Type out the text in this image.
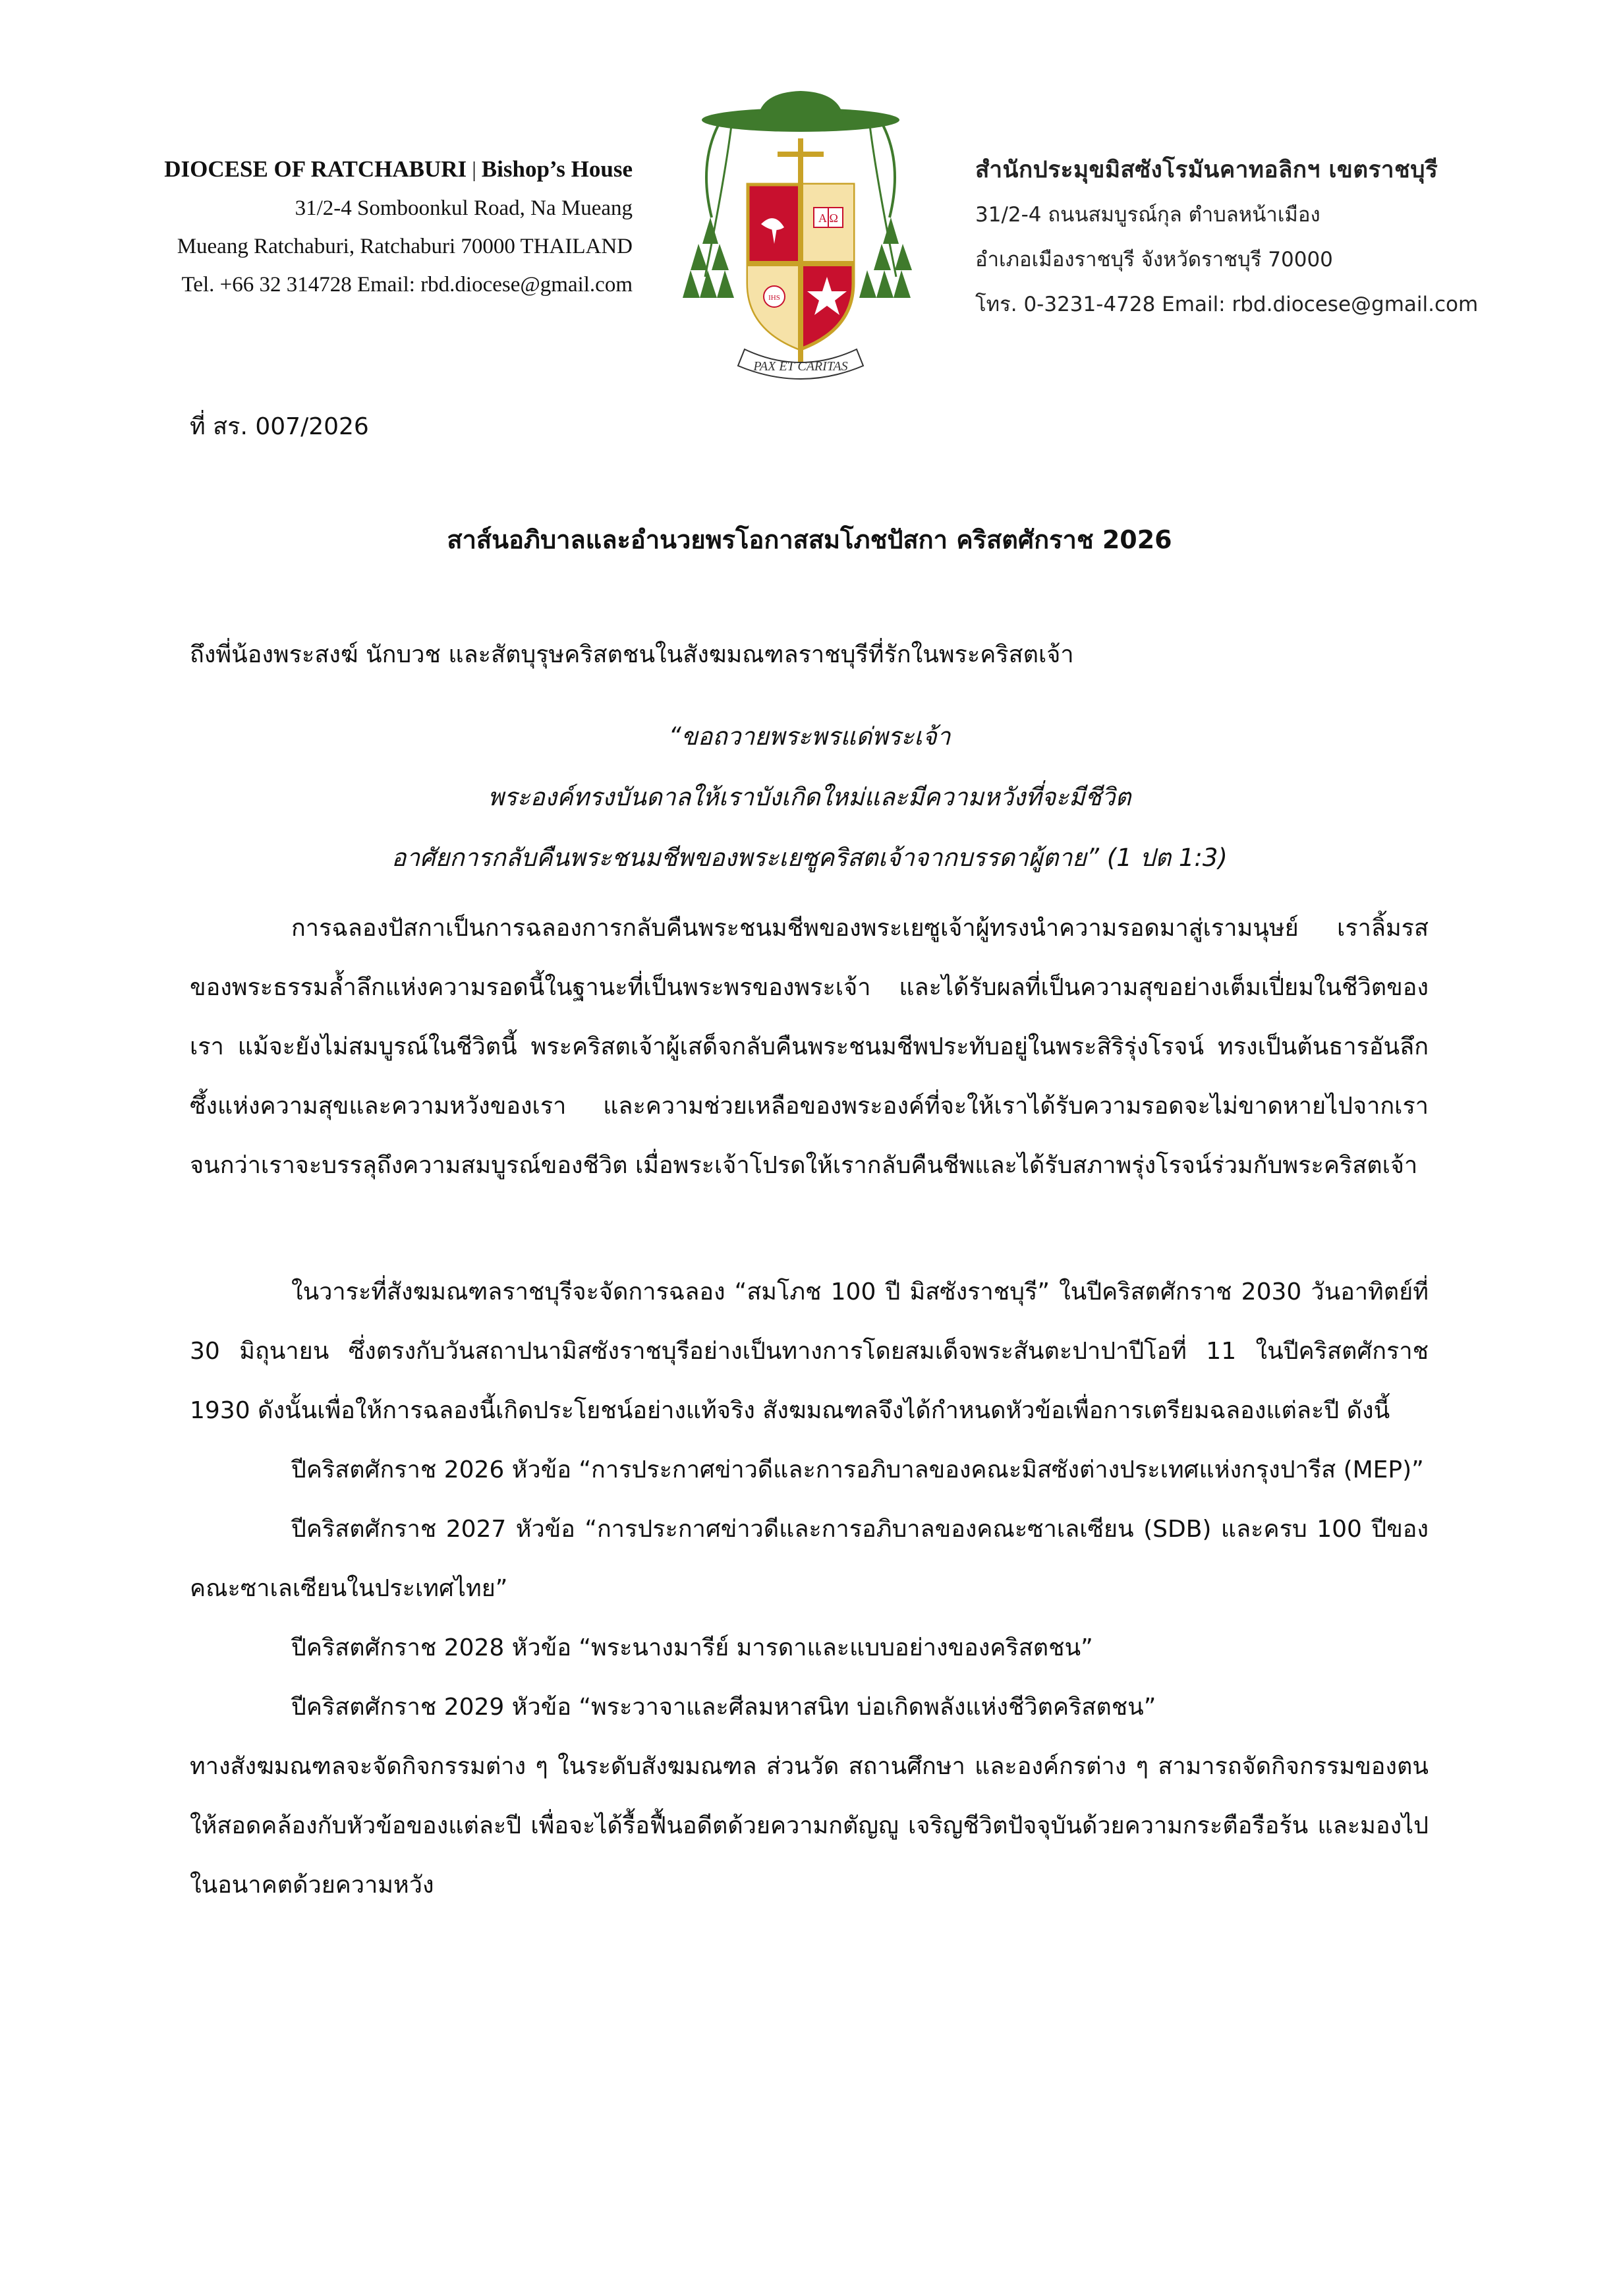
DIOCESE OF RATCHABURI | Bishop’s House
31/2-4 Somboonkul Road, Na Mueang
Mueang Ratchaburi, Ratchaburi 70000 THAILAND
Tel. +66 32 314728 Email: rbd.diocese@gmail.com
A Ω
IHS
PAX ET CARITAS
สำนักประมุขมิสซังโรมันคาทอลิกฯ เขตราชบุรี
31/2-4 ถนนสมบูรณ์กุล ตำบลหน้าเมือง
อำเภอเมืองราชบุรี จังหวัดราชบุรี 70000
โทร. 0-3231-4728 Email: rbd.diocese@gmail.com
ที่ สร. 007/2026
สาส์นอภิบาลและอำนวยพรโอกาสสมโภชปัสกา คริสตศักราช 2026
ถึงพี่น้องพระสงฆ์ นักบวช และสัตบุรุษคริสตชนในสังฆมณฑลราชบุรีที่รักในพระคริสตเจ้า
“ขอถวายพระพรแด่พระเจ้า
พระองค์ทรงบันดาลให้เราบังเกิดใหม่และมีความหวังที่จะมีชีวิต
อาศัยการกลับคืนพระชนมชีพของพระเยซูคริสตเจ้าจากบรรดาผู้ตาย” (1 ปต 1:3)

การฉลองปัสกาเป็นการฉลองการกลับคืนพระชนมชีพของพระเยซูเจ้าผู้ทรงนำความรอดมาสู่เรามนุษย์ เราลิ้มรสของพระธรรมล้ำลึกแห่งความรอดนี้ในฐานะที่เป็นพระพรของพระเจ้า และได้รับผลที่เป็นความสุขอย่างเต็มเปี่ยมในชีวิตของเรา แม้จะยังไม่สมบูรณ์ในชีวิตนี้ พระคริสตเจ้าผู้เสด็จกลับคืนพระชนมชีพประทับอยู่ในพระสิริรุ่งโรจน์ ทรงเป็นต้นธารอันลึกซึ้งแห่งความสุขและความหวังของเรา และความช่วยเหลือของพระองค์ที่จะให้เราได้รับความรอดจะไม่ขาดหายไปจากเราจนกว่าเราจะบรรลุถึงความสมบูรณ์ของชีวิต เมื่อพระเจ้าโปรดให้เรากลับคืนชีพและได้รับสภาพรุ่งโรจน์ร่วมกับพระคริสตเจ้า

ในวาระที่สังฆมณฑลราชบุรีจะจัดการฉลอง “สมโภช 100 ปี มิสซังราชบุรี” ในปีคริสตศักราช 2030 วันอาทิตย์ที่ 30 มิถุนายน ซึ่งตรงกับวันสถาปนามิสซังราชบุรีอย่างเป็นทางการโดยสมเด็จพระสันตะปาปาปีโอที่ 11 ในปีคริสตศักราช 1930 ดังนั้นเพื่อให้การฉลองนี้เกิดประโยชน์อย่างแท้จริง สังฆมณฑลจึงได้กำหนดหัวข้อเพื่อการเตรียมฉลองแต่ละปี ดังนี้

ปีคริสตศักราช 2026 หัวข้อ “การประกาศข่าวดีและการอภิบาลของคณะมิสซังต่างประเทศแห่งกรุงปารีส (MEP)”

ปีคริสตศักราช 2027 หัวข้อ “การประกาศข่าวดีและการอภิบาลของคณะซาเลเซียน (SDB) และครบ 100 ปีของคณะซาเลเซียนในประเทศไทย”

ปีคริสตศักราช 2028 หัวข้อ “พระนางมารีย์ มารดาและแบบอย่างของคริสตชน”

ปีคริสตศักราช 2029 หัวข้อ “พระวาจาและศีลมหาสนิท บ่อเกิดพลังแห่งชีวิตคริสตชน”

ทางสังฆมณฑลจะจัดกิจกรรมต่าง ๆ ในระดับสังฆมณฑล ส่วนวัด สถานศึกษา และองค์กรต่าง ๆ สามารถจัดกิจกรรมของตนให้สอดคล้องกับหัวข้อของแต่ละปี เพื่อจะได้รื้อฟื้นอดีตด้วยความกตัญญู เจริญชีวิตปัจจุบันด้วยความกระตือรือร้น และมองไปในอนาคตด้วยความหวัง
